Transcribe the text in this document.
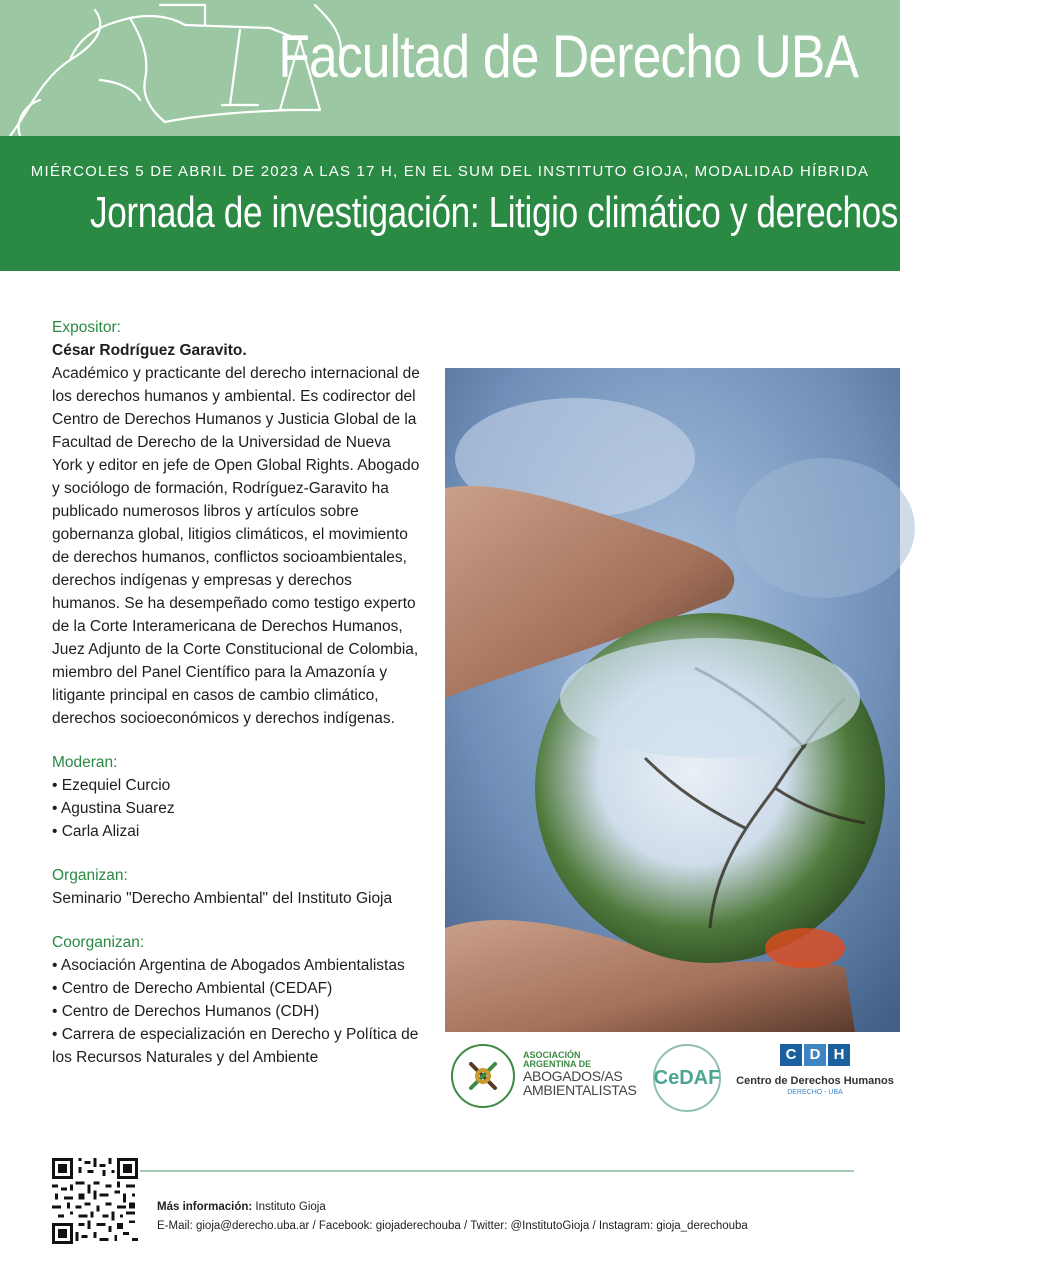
Facultad de Derecho UBA
MIÉRCOLES 5 DE ABRIL DE 2023 A LAS 17 H, EN EL SUM DEL INSTITUTO GIOJA, MODALIDAD HÍBRIDA
Jornada de investigación: Litigio climático y derechos humanos
Expositor:
César Rodríguez Garavito.
Académico y practicante del derecho internacional de los derechos humanos y ambiental. Es codirector del Centro de Derechos Humanos y Justicia Global de la Facultad de Derecho de la Universidad de Nueva York y editor en jefe de Open Global Rights. Abogado y sociólogo de formación, Rodríguez-Garavito ha publicado numerosos libros y artículos sobre gobernanza global, litigios climáticos, el movimiento de derechos humanos, conflictos socioambientales, derechos indígenas y empresas y derechos humanos. Se ha desempeñado como testigo experto de la Corte Interamericana de Derechos Humanos, Juez Adjunto de la Corte Constitucional de Colombia, miembro del Panel Científico para la Amazonía y litigante principal en casos de cambio climático, derechos socioeconómicos y derechos indígenas.
Moderan:
• Ezequiel Curcio
• Agustina Suarez
• Carla Alizai
Organizan:
Seminario "Derecho Ambiental" del Instituto Gioja
Coorganizan:
• Asociación Argentina de Abogados Ambientalistas
• Centro de Derecho Ambiental (CEDAF)
• Centro de Derechos Humanos (CDH)
• Carrera de especialización en Derecho y Política de los Recursos Naturales y del Ambiente	ASOCIACIÓN
ARGENTINA DE
ABOGADOS/AS
AMBIENTALISTAS
CeDAF
C D H
Centro de Derechos Humanos
DERECHO - UBA
Más información: Instituto Gioja
E-Mail: gioja@derecho.uba.ar / Facebook: giojaderechouba / Twitter: @InstitutoGioja / Instagram: gioja_derechouba
